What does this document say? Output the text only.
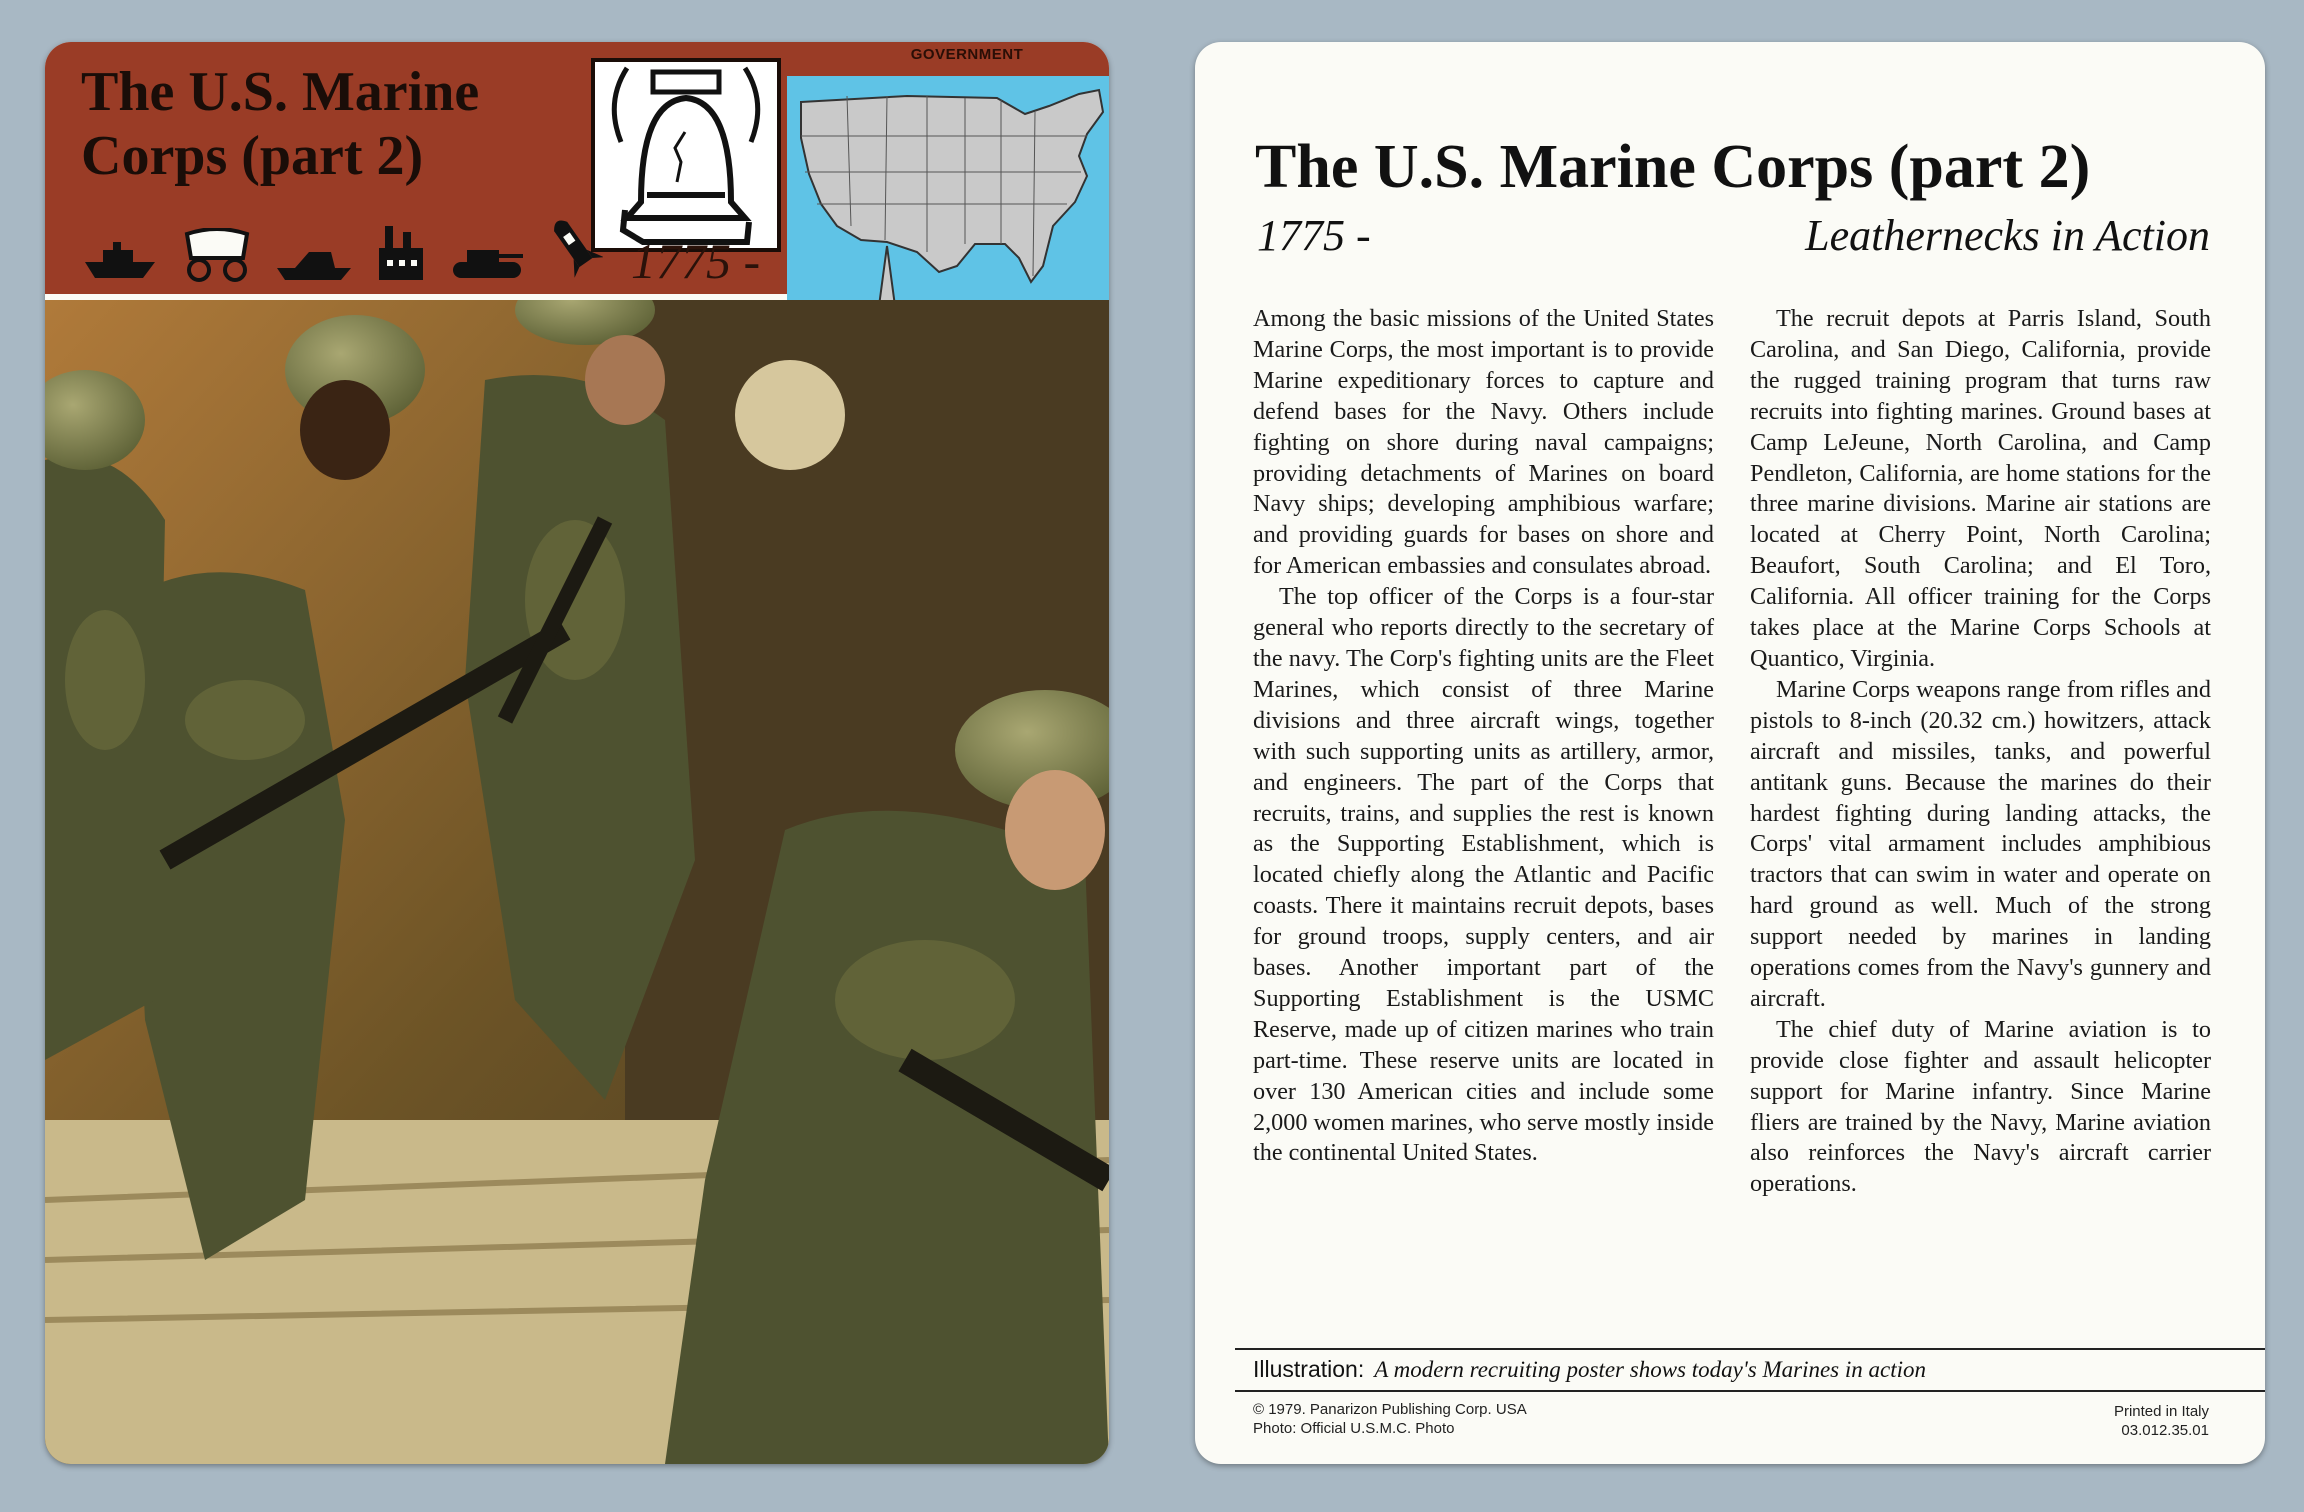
The U.S. Marine Corps (part 2)
1775 -
GOVERNMENT
The U.S. Marine Corps (part 2)
1775 -	Leathernecks in Action

Among the basic missions of the United States Marine Corps, the most important is to provide Marine expeditionary forces to capture and defend bases for the Navy. Others include fighting on shore during naval campaigns; providing detachments of Marines on board Navy ships; developing amphibious warfare; and providing guards for bases on shore and for American embassies and consulates abroad.

The top officer of the Corps is a four-star general who reports directly to the secretary of the navy. The Corp's fighting units are the Fleet Marines, which consist of three Marine divisions and three aircraft wings, together with such supporting units as artillery, armor, and engineers. The part of the Corps that recruits, trains, and supplies the rest is known as the Supporting Establishment, which is located chiefly along the Atlantic and Pacific coasts. There it maintains recruit depots, bases for ground troops, supply centers, and air bases. Another important part of the Supporting Establishment is the USMC Reserve, made up of citizen marines who train part-time. These reserve units are located in over 130 American cities and include some 2,000 women marines, who serve mostly inside the continental United States.

The recruit depots at Parris Island, South Carolina, and San Diego, California, provide the rugged training program that turns raw recruits into fighting marines. Ground bases at Camp LeJeune, North Carolina, and Camp Pendleton, California, are home stations for the three marine divisions. Marine air stations are located at Cherry Point, North Carolina; Beaufort, South Carolina; and El Toro, California. All officer training for the Corps takes place at the Marine Corps Schools at Quantico, Virginia.

Marine Corps weapons range from rifles and pistols to 8-inch (20.32 cm.) howitzers, attack aircraft and missiles, tanks, and powerful antitank guns. Because the marines do their hardest fighting during landing attacks, the Corps' vital armament includes amphibious tractors that can swim in water and operate on hard ground as well. Much of the strong support needed by marines in landing operations comes from the Navy's gunnery and aircraft.

The chief duty of Marine aviation is to provide close fighter and assault helicopter support for Marine infantry. Since Marine fliers are trained by the Navy, Marine aviation also reinforces the Navy's aircraft carrier operations.

Illustration: A modern recruiting poster shows today's Marines in action
© 1979. Panarizon Publishing Corp. USA
Photo: Official U.S.M.C. Photo
Printed in Italy
03.012.35.01
